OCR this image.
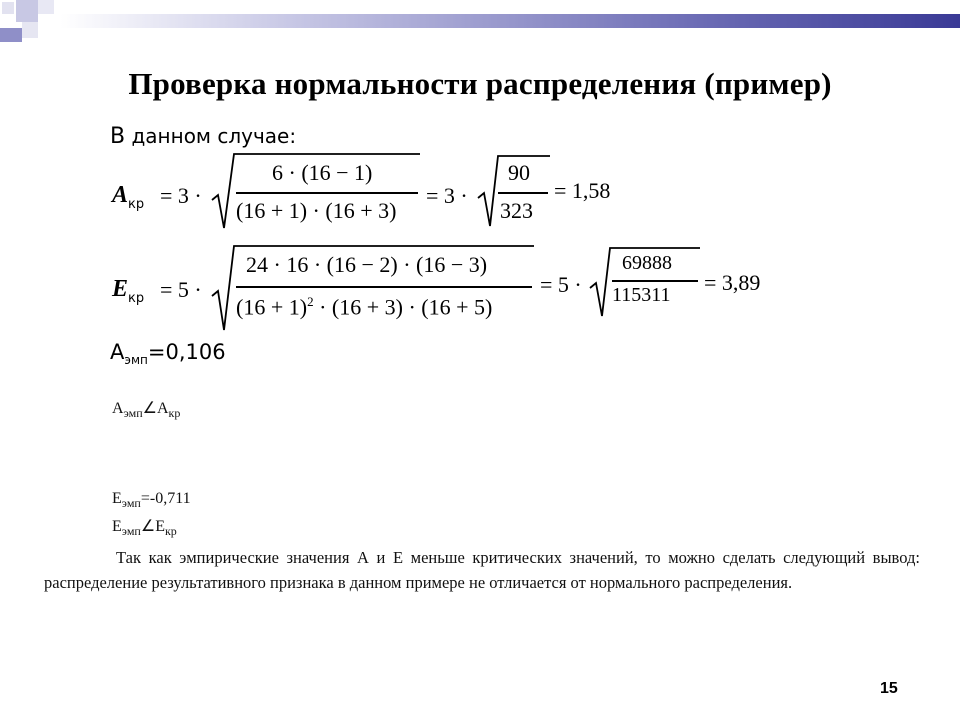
Проверка нормальности распределения (пример)
В данном случае:
$A_{кр} = 3$ ·
6 · (16 − 1)
(16 + 1) · (16 + 3)
= 3 ·
90
323
= 1,58
$E_{кр} = 5$ ·
24 · 16 · (16 − 2) · (16 − 3)
$(16 + 1)^2 \cdot (16 + 3) \cdot (16 + 5)$
= 5 ·
69888
115311 = 3,89
$А_{эмп}=0,106$
$А_{эмп}\angle А_{кр}$
$Е_{эмп}=-0,711$
$Е_{эмп}\angle Е_{кр}$
Так как эмпирические значения А и Е меньше критических значений, то можно сделать следующий вывод: распределение результативного признака в данном примере не отличается от нормального распределения.
15
